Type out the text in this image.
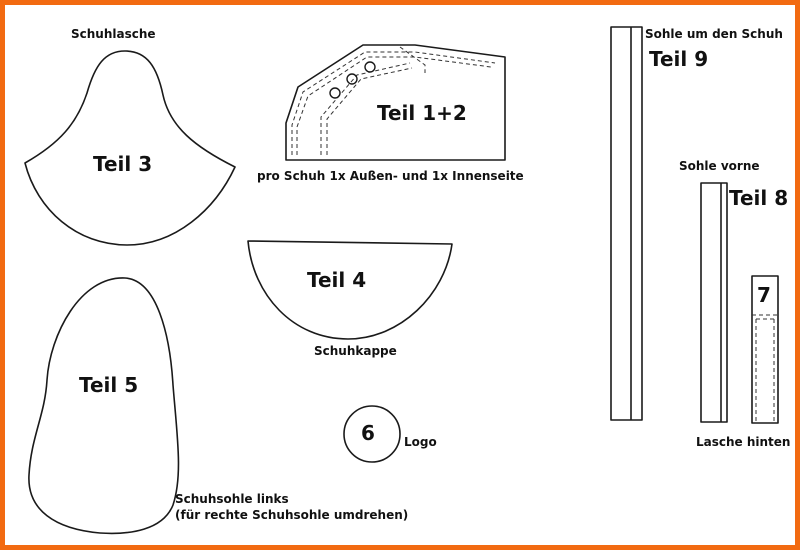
Schuhlasche
Teil 3
Teil 1+2
pro Schuh 1x Außen- und 1x Innenseite
Teil 4
Schuhkappe
Teil 5
Schuhsohle links
(für rechte Schuhsohle umdrehen)
6 Logo
Sohle um den Schuh
Teil 9
Sohle vorne
Teil 8
7
Lasche hinten
